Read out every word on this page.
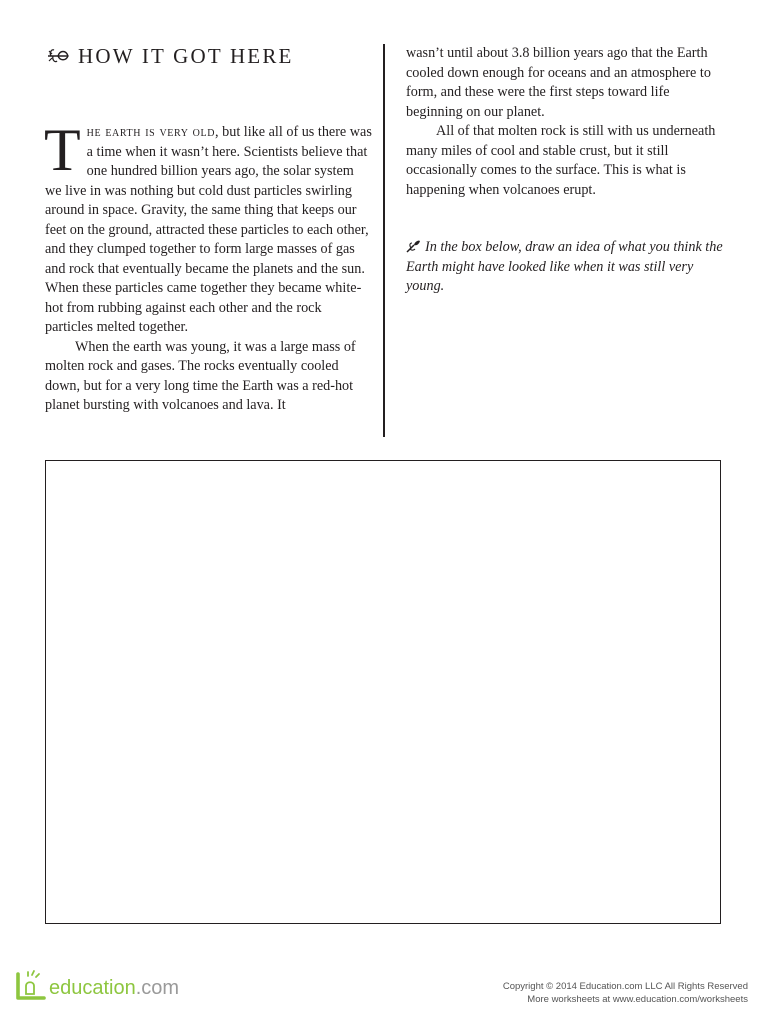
HOW IT GOT HERE

The earth is very old, but like all of us there was a time when it wasn’t here. Scientists believe that one hundred billion years ago, the solar system we live in was nothing but cold dust particles swirling around in space. Gravity, the same thing that keeps our feet on the ground, attracted these particles to each other, and they clumped together to form large masses of gas and rock that eventually became the planets and the sun. When these particles came together they became white-hot from rubbing against each other and the rock particles melted together.

When the earth was young, it was a large mass of molten rock and gases. The rocks eventually cooled down, but for a very long time the Earth was a red-hot planet bursting with volcanoes and lava. It

wasn’t until about 3.8 billion years ago that the Earth cooled down enough for oceans and an atmosphere to form, and these were the first steps toward life beginning on our planet.

All of that molten rock is still with us underneath many miles of cool and stable crust, but it still occasionally comes to the surface. This is what is happening when volcanoes erupt.

In the box below, draw an idea of what you think the Earth might have looked like when it was still very young.
education.com	Copyright © 2014 Education.com LLC All Rights Reserved
More worksheets at www.education.com/worksheets
